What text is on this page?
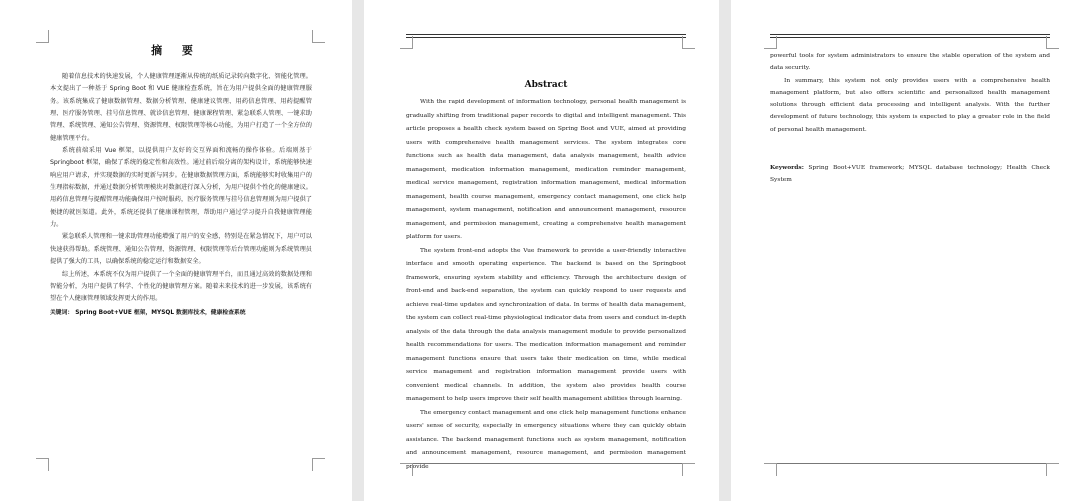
摘 要

随着信息技术的快速发展，个人健康管理逐渐从传统的纸质记录转向数字化、智能化管理。本文提出了一种基于 Spring Boot 和 VUE 健康检查系统，旨在为用户提供全面的健康管理服务。该系统集成了健康数据管理、数据分析管理、健康建议管理、用药信息管理、用药提醒管理、医疗服务管理、挂号信息管理、就诊信息管理、健康课程管理、紧急联系人管理、一键求助管理、系统管理、通知公告管理、资源管理、权限管理等核心功能，为用户打造了一个全方位的健康管理平台。

系统前端采用 Vue 框架，以提供用户友好的交互界面和流畅的操作体验。后端则基于 Springboot 框架，确保了系统的稳定性和高效性。通过前后端分离的架构设计，系统能够快速响应用户请求，并实现数据的实时更新与同步。在健康数据管理方面，系统能够实时收集用户的生理指标数据，并通过数据分析管理模块对数据进行深入分析，为用户提供个性化的健康建议。用药信息管理与提醒管理功能确保用户按时服药，医疗服务管理与挂号信息管理则为用户提供了便捷的就医渠道。此外，系统还提供了健康课程管理，帮助用户通过学习提升自我健康管理能力。

紧急联系人管理和一键求助管理功能增强了用户的安全感，特别是在紧急情况下，用户可以快速获得帮助。系统管理、通知公告管理、资源管理、权限管理等后台管理功能则为系统管理员提供了强大的工具，以确保系统的稳定运行和数据安全。

综上所述，本系统不仅为用户提供了一个全面的健康管理平台，而且通过高效的数据处理和智能分析，为用户提供了科学、个性化的健康管理方案。随着未来技术的进一步发展，该系统有望在个人健康管理领域发挥更大的作用。

关键词： Spring Boot+VUE 框架，MYSQL 数据库技术，健康检查系统
Abstract

With the rapid development of information technology, personal health management is gradually shifting from traditional paper records to digital and intelligent management. This article proposes a health check system based on Spring Boot and VUE, aimed at providing users with comprehensive health management services. The system integrates core functions such as health data management, data analysis management, health advice management, medication information management, medication reminder management, medical service management, registration information management, medical information management, health course management, emergency contact management, one click help management, system management, notification and announcement management, resource management, and permission management, creating a comprehensive health management platform for users.

The system front-end adopts the Vue framework to provide a user-friendly interactive interface and smooth operating experience. The backend is based on the Springboot framework, ensuring system stability and efficiency. Through the architecture design of front-end and back-end separation, the system can quickly respond to user requests and achieve real-time updates and synchronization of data. In terms of health data management, the system can collect real-time physiological indicator data from users and conduct in-depth analysis of the data through the data analysis management module to provide personalized health recommendations for users. The medication information management and reminder management functions ensure that users take their medication on time, while medical service management and registration information management provide users with convenient medical channels. In addition, the system also provides health course management to help users improve their self health management abilities through learning.

The emergency contact management and one click help management functions enhance users' sense of security, especially in emergency situations where they can quickly obtain assistance. The backend management functions such as system management, notification and announcement management, resource management, and permission management provide

powerful tools for system administrators to ensure the stable operation of the system and data security.

In summary, this system not only provides users with a comprehensive health management platform, but also offers scientific and personalized health management solutions through efficient data processing and intelligent analysis. With the further development of future technology, this system is expected to play a greater role in the field of personal health management.

Keywords: Spring Boot+VUE framework; MYSQL database technology; Health Check System
